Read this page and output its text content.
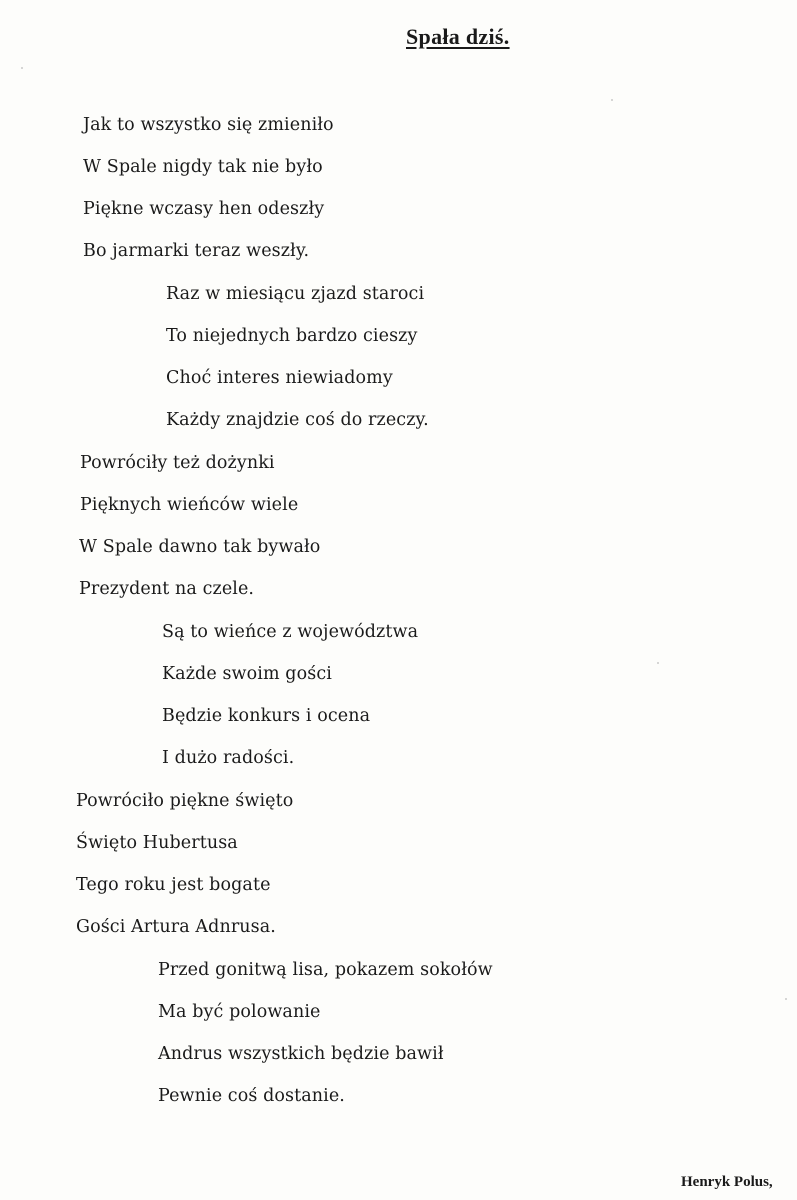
Spała dziś.
Jak to wszystko się zmieniło
W Spale nigdy tak nie było
Piękne wczasy hen odeszły
Bo jarmarki teraz weszły.
Raz w miesiącu zjazd staroci
To niejednych bardzo cieszy
Choć interes niewiadomy
Każdy znajdzie coś do rzeczy.
Powróciły też dożynki
Pięknych wieńców wiele
W Spale dawno tak bywało
Prezydent na czele.
Są to wieńce z województwa
Każde swoim gości
Będzie konkurs i ocena
I dużo radości.
Powróciło piękne święto
Święto Hubertusa
Tego roku jest bogate
Gości Artura Adnrusa.
Przed gonitwą lisa, pokazem sokołów
Ma być polowanie
Andrus wszystkich będzie bawił
Pewnie coś dostanie.
Henryk Polus,
